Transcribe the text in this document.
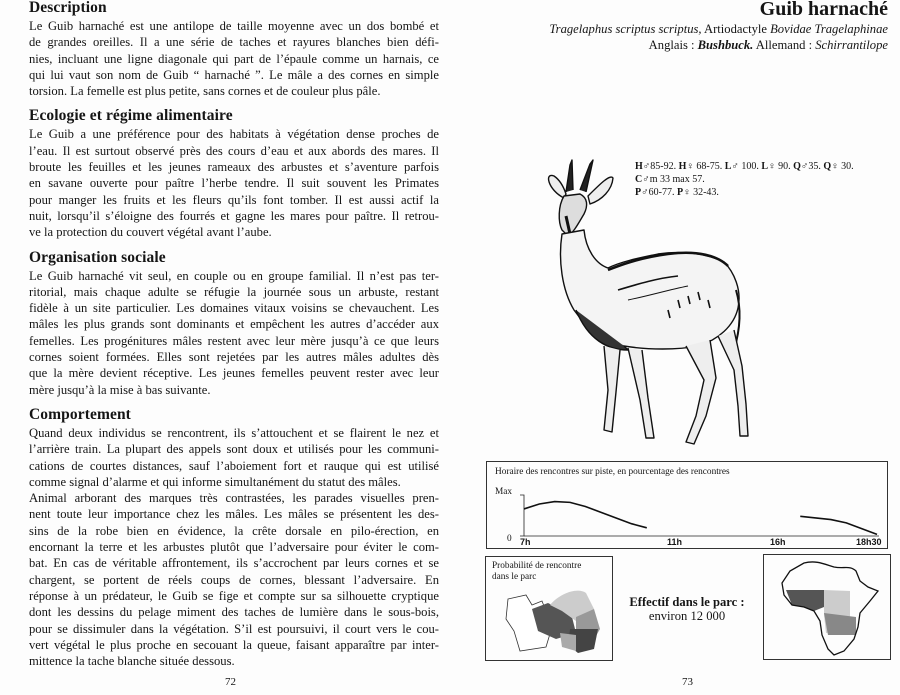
Description
Le Guib harnaché est une antilope de taille moyenne avec un dos bombé et
de grandes oreilles. Il a une série de taches et rayures blanches bien défi-
nies, incluant une ligne diagonale qui part de l’épaule comme un harnais, ce
qui lui vaut son nom de Guib “ harnaché ”. Le mâle a des cornes en simple
torsion. La femelle est plus petite, sans cornes et de couleur plus pâle.
Ecologie et régime alimentaire
Le Guib a une préférence pour des habitats à végétation dense proches de
l’eau. Il est surtout observé près des cours d’eau et aux abords des mares. Il
broute les feuilles et les jeunes rameaux des arbustes et s’aventure parfois
en savane ouverte pour paître l’herbe tendre. Il suit souvent les Primates
pour manger les fruits et les fleurs qu’ils font tomber. Il est aussi actif la
nuit, lorsqu’il s’éloigne des fourrés et gagne les mares pour paître. Il retrou-
ve la protection du couvert végétal avant l’aube.
Organisation sociale
Le Guib harnaché vit seul, en couple ou en groupe familial. Il n’est pas ter-
ritorial, mais chaque adulte se réfugie la journée sous un arbuste, restant
fidèle à un site particulier. Les domaines vitaux voisins se chevauchent. Les
mâles les plus grands sont dominants et empêchent les autres d’accéder aux
femelles. Les progénitures mâles restent avec leur mère jusqu’à ce que leurs
cornes soient formées. Elles sont rejetées par les autres mâles adultes dès
que la mère devient réceptive. Les jeunes femelles peuvent rester avec leur
mère jusqu’à la mise à bas suivante.
Comportement
Quand deux individus se rencontrent, ils s’attouchent et se flairent le nez et
l’arrière train. La plupart des appels sont doux et utilisés pour les communi-
cations de courtes distances, sauf l’aboiement fort et rauque qui est utilisé
comme signal d’alarme et qui informe simultanément du statut des mâles.
Animal arborant des marques très contrastées, les parades visuelles pren-
nent toute leur importance chez les mâles. Les mâles se présentent les des-
sins de la robe bien en évidence, la crête dorsale en pilo-érection, en
encornant la terre et les arbustes plutôt que l’adversaire pour éviter le com-
bat. En cas de véritable affrontement, ils s’accrochent par leurs cornes et se
chargent, se portent de réels coups de cornes, blessant l’adversaire. En
réponse à un prédateur, le Guib se fige et compte sur sa silhouette cryptique
dont les dessins du pelage miment des taches de lumière dans le sous-bois,
pour se dissimuler dans la végétation. S’il est poursuivi, il court vers le cou-
vert végétal le plus proche en secouant la queue, faisant apparaître par inter-
mittence la tache blanche située dessous.
72
Guib harnaché
Tragelaphus scriptus scriptus, Artiodactyle Bovidae Tragelaphinae
Anglais : Bushbuck. Allemand : Schirrantilope
H♂85-92. H♀ 68-75. L♂ 100. L♀ 90. Q♂35. Q♀ 30.
C♂m 33 max 57.
P♂60-77. P♀ 32-43.
Horaire des rencontres sur piste, en pourcentage des rencontres
Max
0 7h	11h	16h	18h30
Probabilité de rencontre
dans le parc
Effectif dans le parc :
environ 12 000
73
